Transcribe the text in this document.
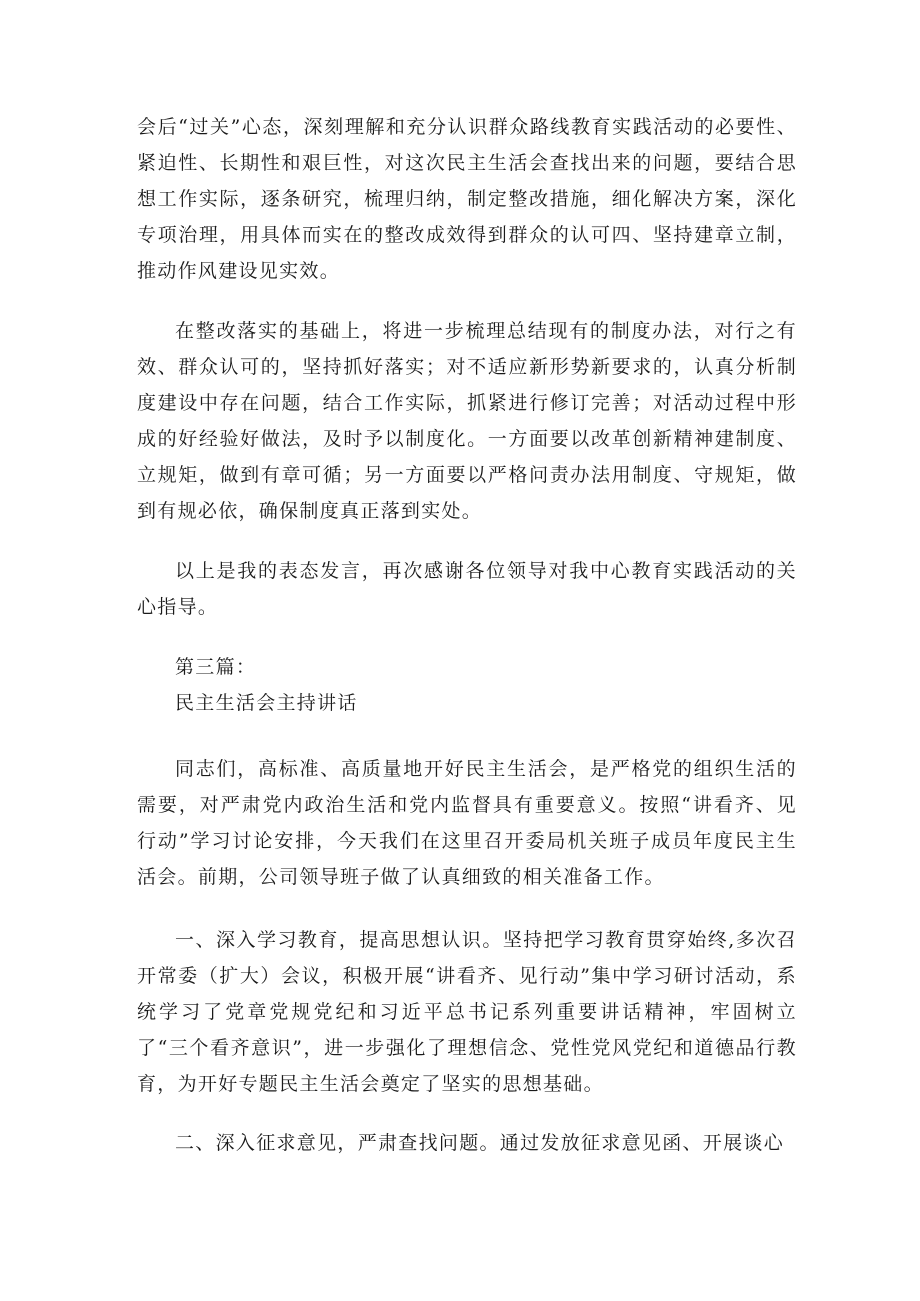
会后“过关”心态，深刻理解和充分认识群众路线教育实践活动的必要性、紧迫性、长期性和艰巨性，对这次民主生活会查找出来的问题，要结合思想工作实际，逐条研究，梳理归纳，制定整改措施，细化解决方案，深化专项治理，用具体而实在的整改成效得到群众的认可四、坚持建章立制，推动作风建设见实效。

在整改落实的基础上，将进一步梳理总结现有的制度办法，对行之有效、群众认可的，坚持抓好落实；对不适应新形势新要求的，认真分析制度建设中存在问题，结合工作实际，抓紧进行修订完善；对活动过程中形成的好经验好做法，及时予以制度化。一方面要以改革创新精神建制度、立规矩，做到有章可循；另一方面要以严格问责办法用制度、守规矩，做到有规必依，确保制度真正落到实处。

以上是我的表态发言，再次感谢各位领导对我中心教育实践活动的关心指导。

第三篇：

民主生活会主持讲话

同志们，高标准、高质量地开好民主生活会，是严格党的组织生活的需要，对严肃党内政治生活和党内监督具有重要意义。按照“讲看齐、见行动”学习讨论安排，今天我们在这里召开委局机关班子成员年度民主生活会。前期，公司领导班子做了认真细致的相关准备工作。

一、深入学习教育，提高思想认识。坚持把学习教育贯穿始终,多次召开常委（扩大）会议，积极开展“讲看齐、见行动”集中学习研讨活动，系统学习了党章党规党纪和习近平总书记系列重要讲话精神，牢固树立了“三个看齐意识”，进一步强化了理想信念、党性党风党纪和道德品行教育，为开好专题民主生活会奠定了坚实的思想基础。

二、深入征求意见，严肃查找问题。通过发放征求意见函、开展谈心
